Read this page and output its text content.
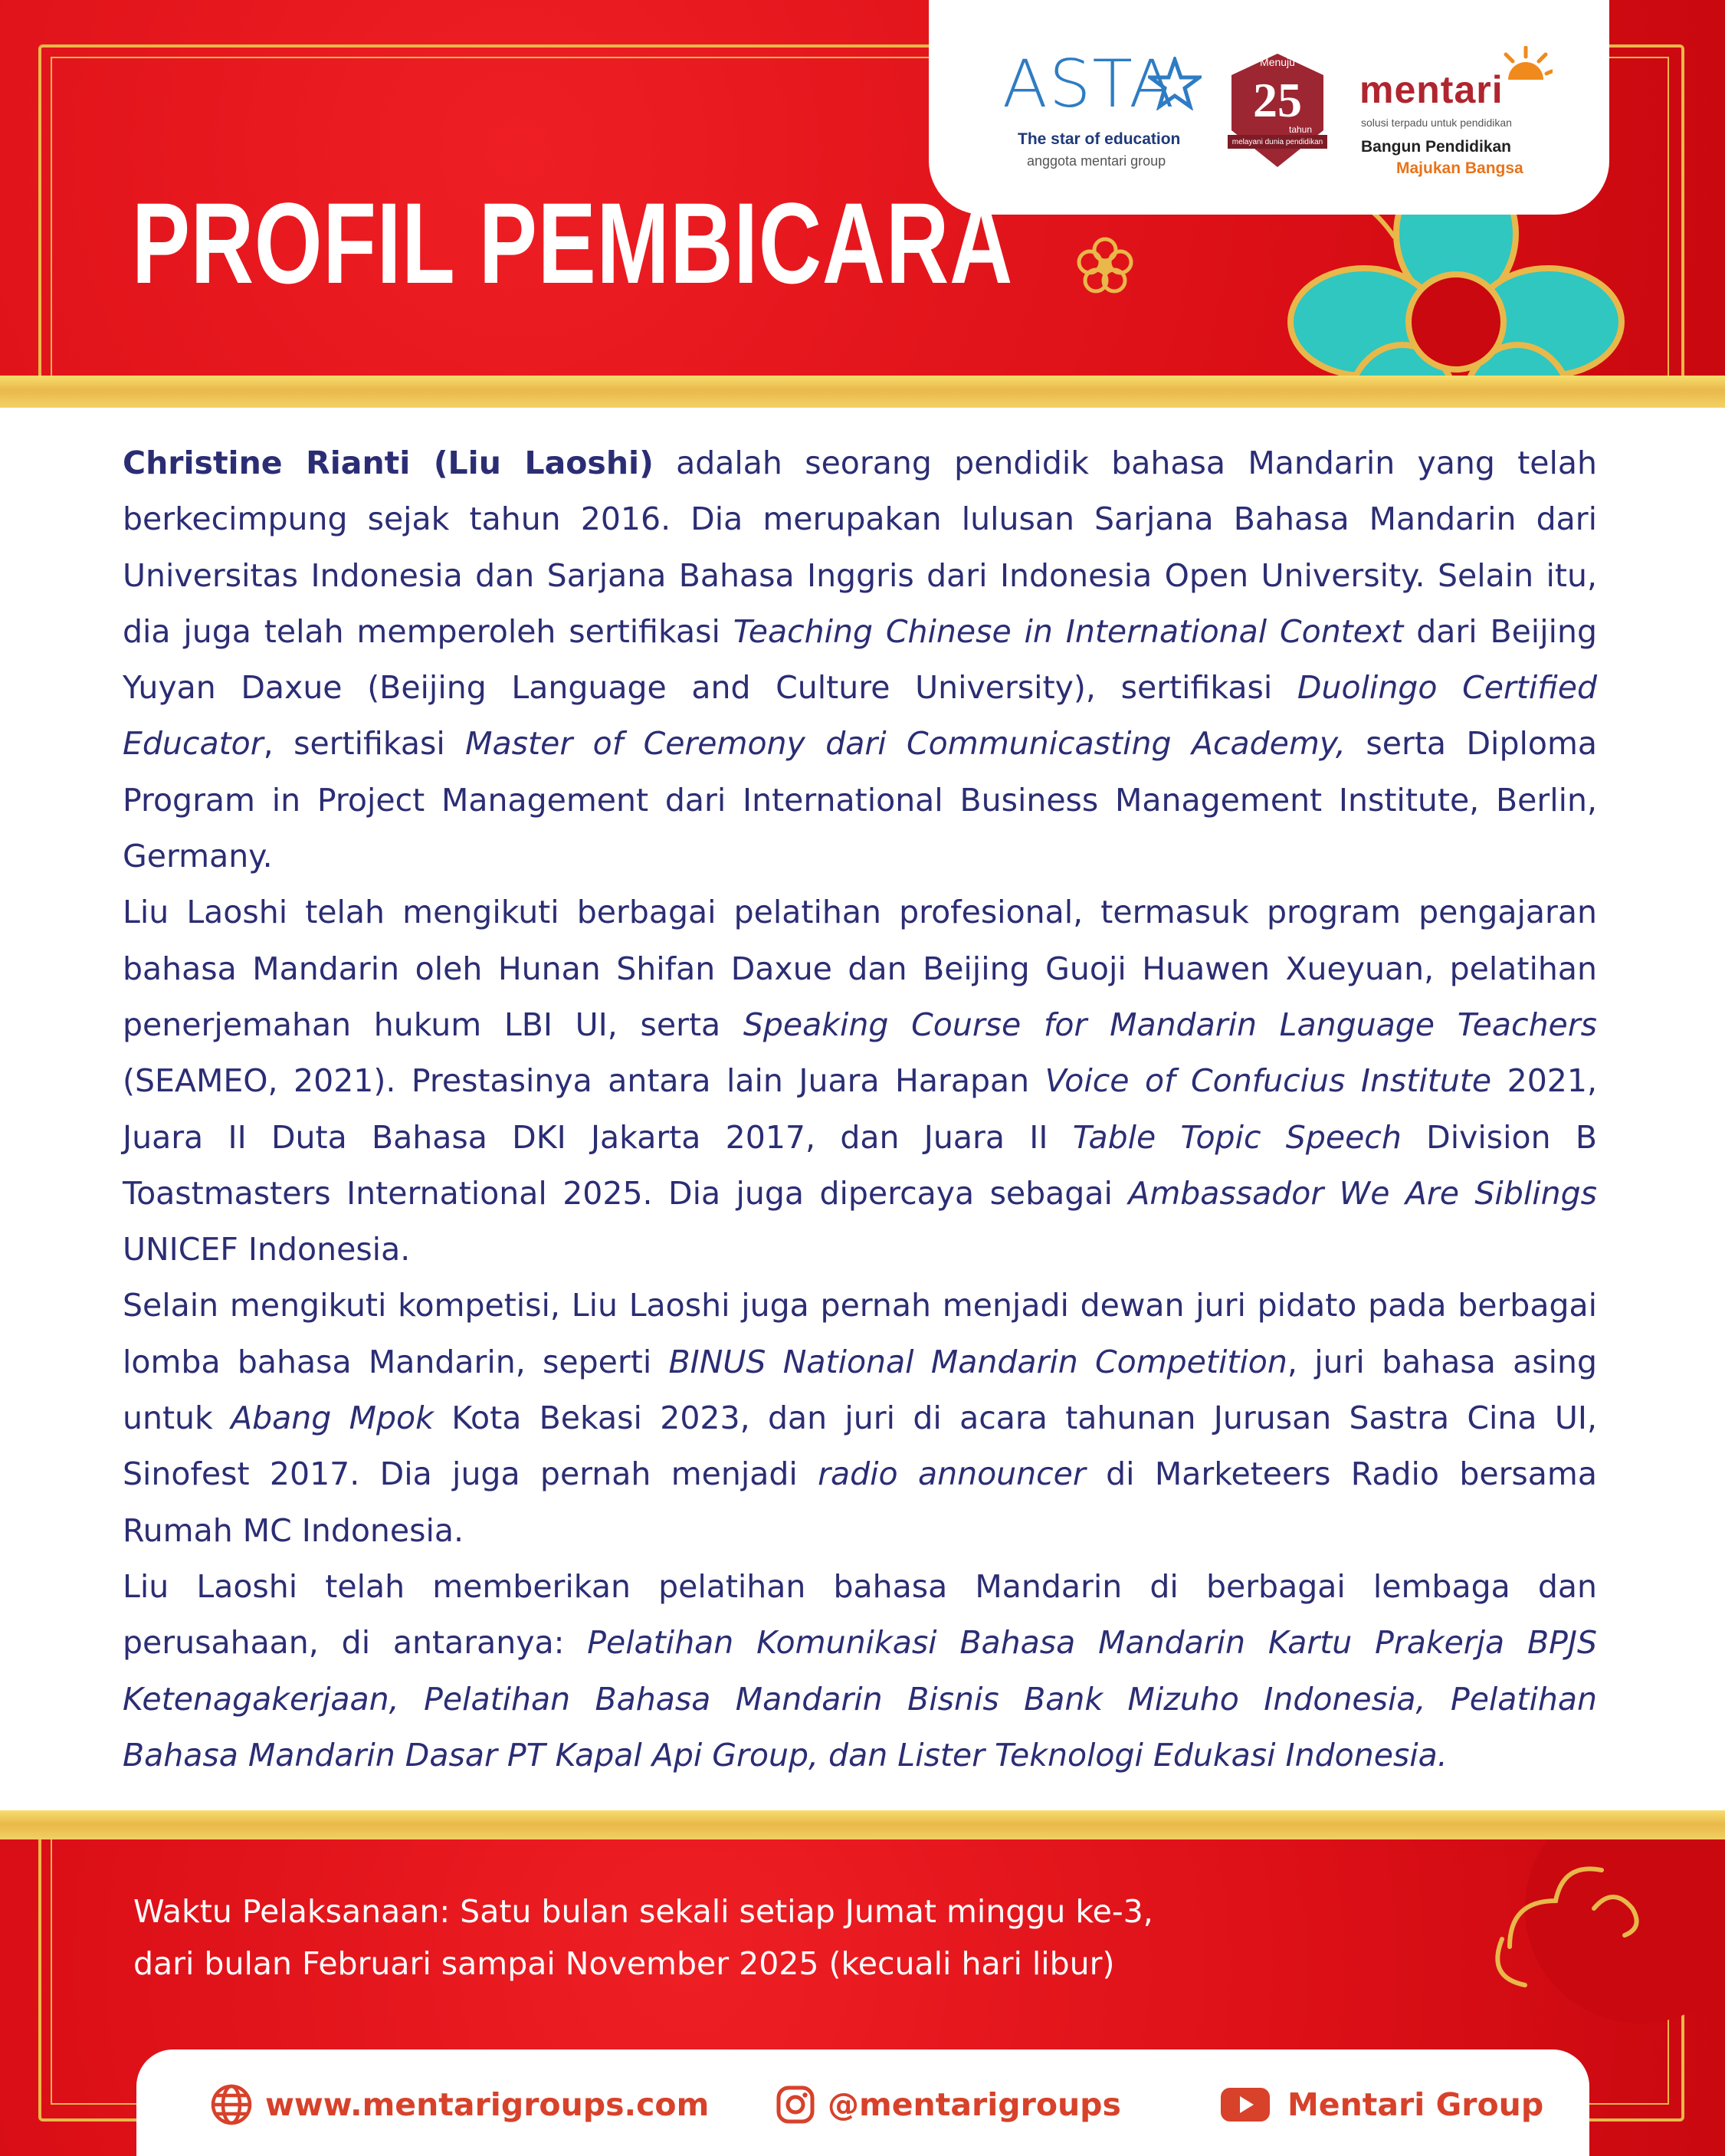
ASTA
The star of education
anggota mentari group
Menuju
25
tahun
melayani dunia pendidikan
mentari
solusi terpadu untuk pendidikan
Bangun Pendidikan
Majukan Bangsa
PROFIL PEMBICARA

Christine Rianti (Liu Laoshi) adalah seorang pendidik bahasa Mandarin yang telah berkecimpung sejak tahun 2016. Dia merupakan lulusan Sarjana Bahasa Mandarin dari Universitas Indonesia dan Sarjana Bahasa Inggris dari Indonesia Open University. Selain itu, dia juga telah memperoleh sertifikasi Teaching Chinese in International Context dari Beijing Yuyan Daxue (Beijing Language and Culture University), sertifikasi Duolingo Certified Educator, sertifikasi Master of Ceremony dari Communicasting Academy, serta Diploma Program in Project Management dari International Business Management Institute, Berlin, Germany.

Liu Laoshi telah mengikuti berbagai pelatihan profesional, termasuk program pengajaran bahasa Mandarin oleh Hunan Shifan Daxue dan Beijing Guoji Huawen Xueyuan, pelatihan penerjemahan hukum LBI UI, serta Speaking Course for Mandarin Language Teachers (SEAMEO, 2021). Prestasinya antara lain Juara Harapan Voice of Confucius Institute 2021, Juara II Duta Bahasa DKI Jakarta 2017, dan Juara II Table Topic Speech Division B Toastmasters International 2025. Dia juga dipercaya sebagai Ambassador We Are Siblings UNICEF Indonesia.

Selain mengikuti kompetisi, Liu Laoshi juga pernah menjadi dewan juri pidato pada berbagai lomba bahasa Mandarin, seperti BINUS National Mandarin Competition, juri bahasa asing untuk Abang Mpok Kota Bekasi 2023, dan juri di acara tahunan Jurusan Sastra Cina UI, Sinofest 2017. Dia juga pernah menjadi radio announcer di Marketeers Radio bersama Rumah MC Indonesia.

Liu Laoshi telah memberikan pelatihan bahasa Mandarin di berbagai lembaga dan perusahaan, di antaranya: Pelatihan Komunikasi Bahasa Mandarin Kartu Prakerja BPJS Ketenagakerjaan, Pelatihan Bahasa Mandarin Bisnis Bank Mizuho Indonesia, Pelatihan Bahasa Mandarin Dasar PT Kapal Api Group, dan Lister Teknologi Edukasi Indonesia.

Waktu Pelaksanaan: Satu bulan sekali setiap Jumat minggu ke-3,
dari bulan Februari sampai November 2025 (kecuali hari libur)
www.mentarigroups.com	@mentarigroups	Mentari Group
